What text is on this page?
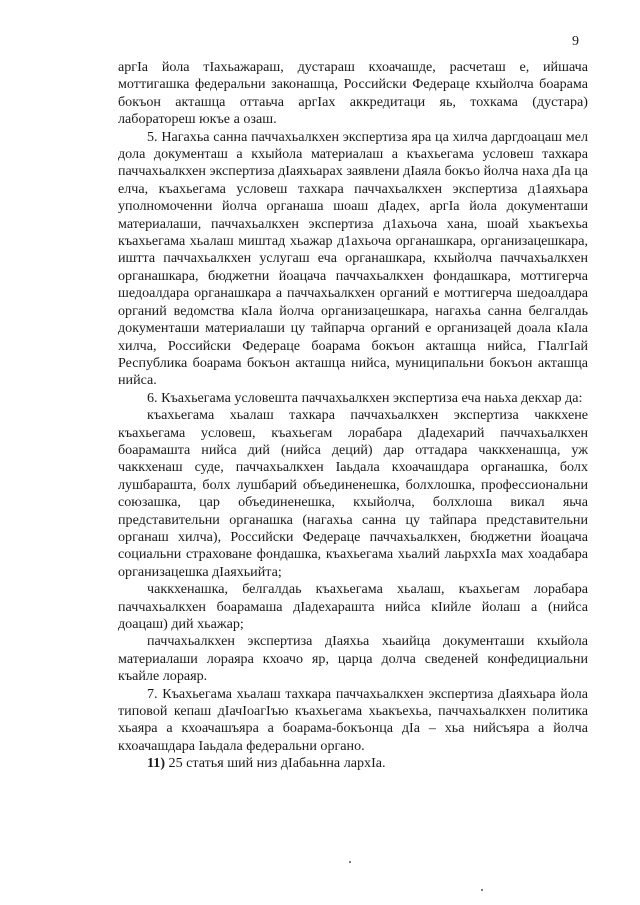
9

аргIа йола тIахьажараш, дустараш кхоачашде, расчеташ е, ийшача моттигашка федеральни законашца, Российски Федераце кхыйолча боарама бокъон акташца оттаьча аргIах аккредитаци яь, тохкама (дустара) лабораторeш юкъе а озаш.

5. Нагахьа санна паччахьалкхен экспертиза яра ца хилча даргдоацаш мел дола документаш а кхыйола материалаш а къахьегама условеш тахкара паччахьалкхен экспертиза дIаяхьарах заявлени дIаяла бокъо йолча наха дIа ца елча, къахьегама условеш тахкара паччахьалкхен экспертиза д1аяхьара уполномоченни йолча органаша шоаш дIадех, аргIа йола документаши материалаши, паччахьалкхен экспертиза д1ахьоча хана, шоай хьакъехьа къахьегама хьалаш миштад хьажар д1ахьоча органашкара, организацешкара, иштта паччахьалкхен услугаш еча органашкара, кхыйолча паччахьалкхен органашкара, бюджетни йоацача паччахьалкхен фондашкара, моттигерча шедоалдара органашкара а паччахьалкхен органий е моттигерча шедоалдара органий ведомства кIала йолча организацешкара, нагахьа санна белгалдаь документаши материалаши цу тайпарча органий е организацей доала кIала хилча, Российски Федераце боарама бокъон акташца нийса, ГIалгIай Республика боарама бокъон акташца нийса, муниципальни бокъон акташца нийса.

6. Къахьегама условешта паччахьалкхен экспертиза еча наьха декхар да:

къахьегама хьалаш тахкара паччахьалкхен экспертиза чаккхене къахьегама условеш, къахьегам лорабара дIадехарий паччахьалкхен боарамашта нийса дий (нийса деций) дар оттадара чаккхенашца, уж чаккхенаш суде, паччахьалкхен Iаьдала кхоачашдара органашка, болх лушбараштa, болх лушбарий объединенешка, болхлошка, профессиональни союзашка, цар объединенешка, кхыйолча, болхлоша викал яьча представительни органашка (нагахьа санна цу тайпара представительни органаш хилча), Российски Федераце паччахьалкхен, бюджетни йоацача социальни страховане фондашка, къахьегама хьалий лаьрххIа мах хоадабара организацешка дIаяхьийта;

чаккхенашка, белгалдаь къахьегама хьалаш, къахьегам лорабара паччахьалкхен боарамаша дIадехарашта нийса кIийле йолаш а (нийса доацаш) дий хьажар;

паччахьалкхен экспертиза дIаяхьа хьаийца документаши кхыйола материалаши лорaяра кхоачо яр, царца долча сведеней конфедициальни къайле лораяр.

7. Къахьегама хьалаш тахкара паччахьалкхен экспертиза дIаяхьара йола типовой кепаш дIачIоагIъю къахьегама хьакъехьа, паччахьалкхен политика хьаяра а кхоачашъяра а боарама-бокъонца дIа – хьа нийсъяра а йолча кхоачашдара Iаьдала федеральни органо.

11) 25 статья ший низ дIабаьнна лархIа.
